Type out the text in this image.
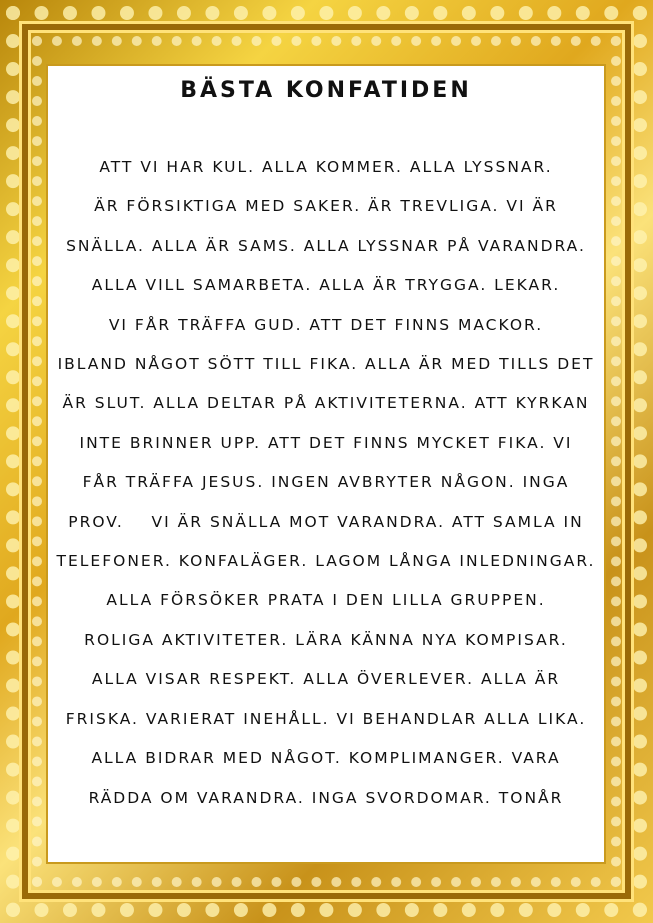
BÄSTA KONFATIDEN
ATT VI HAR KUL. ALLA KOMMER. ALLA LYSSNAR.
ÄR FÖRSIKTIGA MED SAKER. ÄR TREVLIGA. VI ÄR
SNÄLLA. ALLA ÄR SAMS. ALLA LYSSNAR PÅ VARANDRA.
ALLA VILL SAMARBETA. ALLA ÄR TRYGGA. LEKAR.
VI FÅR TRÄFFA GUD. ATT DET FINNS MACKOR.
IBLAND NÅGOT SÖTT TILL FIKA. ALLA ÄR MED TILLS DET
ÄR SLUT. ALLA DELTAR PÅ AKTIVITETERNA. ATT KYRKAN
INTE BRINNER UPP. ATT DET FINNS MYCKET FIKA. VI
FÅR TRÄFFA JESUS. INGEN AVBRYTER NÅGON. INGA
PROV.    VI ÄR SNÄLLA MOT VARANDRA. ATT SAMLA IN
TELEFONER. KONFALÄGER. LAGOM LÅNGA INLEDNINGAR.
ALLA FÖRSÖKER PRATA I DEN LILLA GRUPPEN.
ROLIGA AKTIVITETER. LÄRA KÄNNA NYA KOMPISAR.
ALLA VISAR RESPEKT. ALLA ÖVERLEVER. ALLA ÄR
FRISKA. VARIERAT INEHÅLL. VI BEHANDLAR ALLA LIKA.
ALLA BIDRAR MED NÅGOT. KOMPLIMANGER. VARA
RÄDDA OM VARANDRA. INGA SVORDOMAR. TONÅR
